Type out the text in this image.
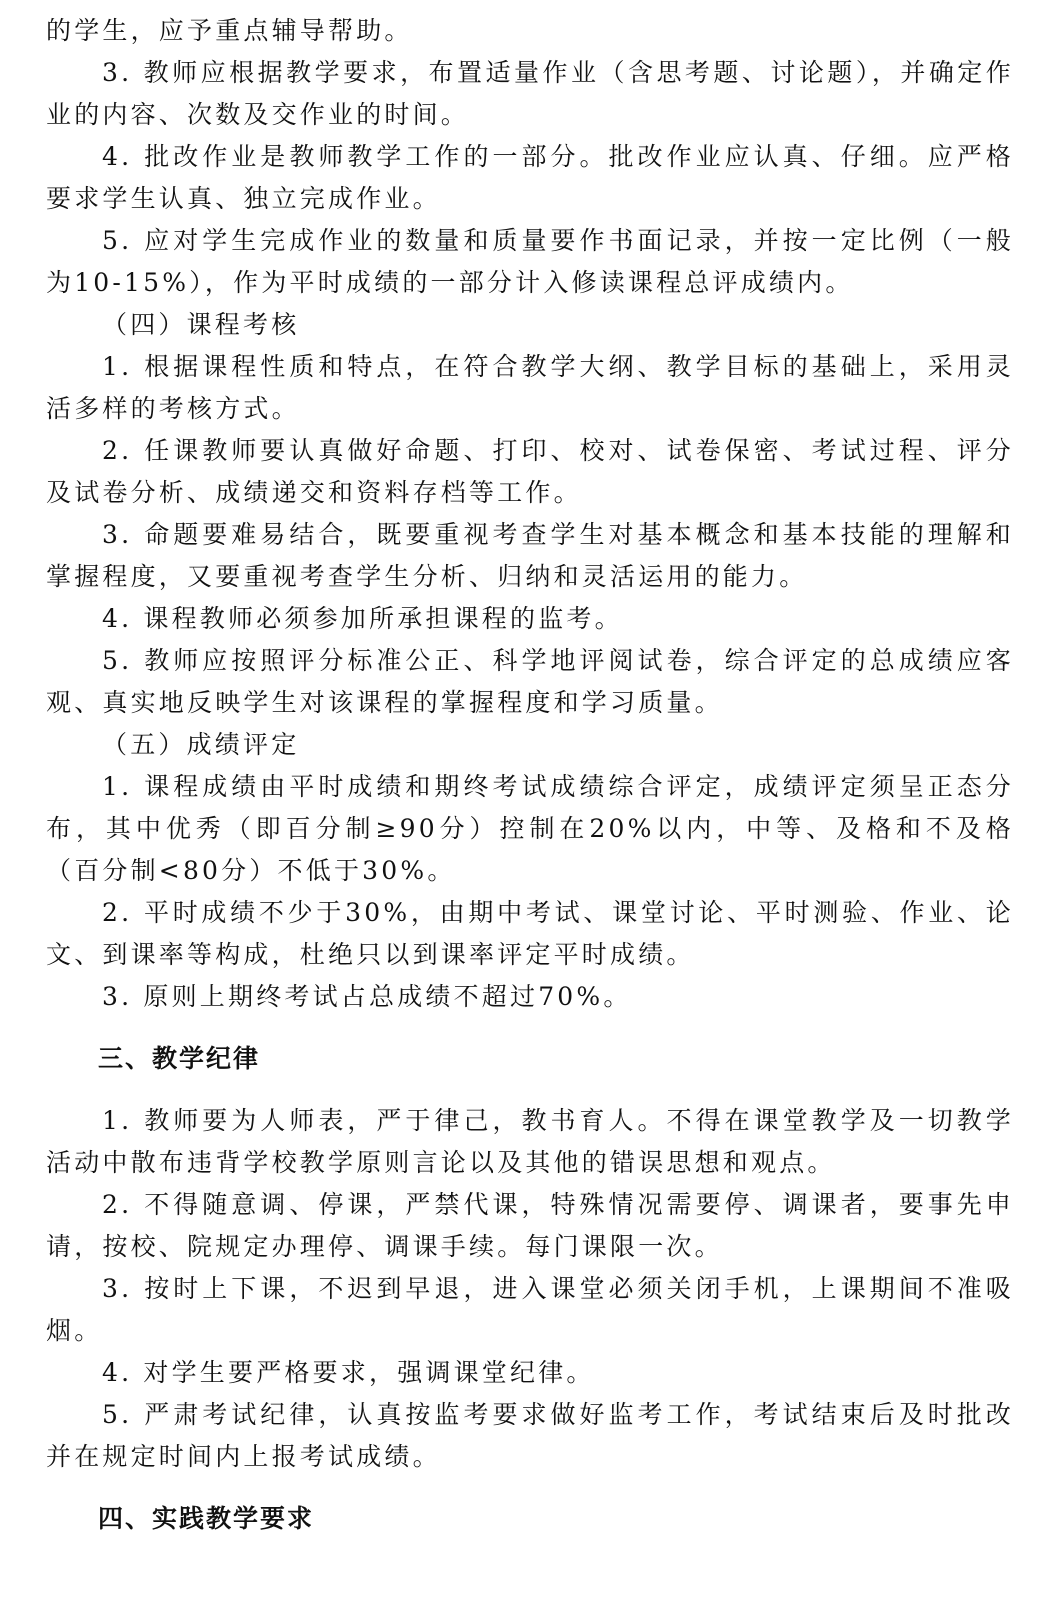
的学生，应予重点辅导帮助。

3. 教师应根据教学要求，布置适量作业（含思考题、讨论题），并确定作业的内容、次数及交作业的时间。

4. 批改作业是教师教学工作的一部分。批改作业应认真、仔细。应严格要求学生认真、独立完成作业。

5. 应对学生完成作业的数量和质量要作书面记录，并按一定比例（一般为10-15%），作为平时成绩的一部分计入修读课程总评成绩内。

（四）课程考核

1. 根据课程性质和特点，在符合教学大纲、教学目标的基础上，采用灵活多样的考核方式。

2. 任课教师要认真做好命题、打印、校对、试卷保密、考试过程、评分及试卷分析、成绩递交和资料存档等工作。

3. 命题要难易结合，既要重视考查学生对基本概念和基本技能的理解和掌握程度，又要重视考查学生分析、归纳和灵活运用的能力。

4. 课程教师必须参加所承担课程的监考。

5. 教师应按照评分标准公正、科学地评阅试卷，综合评定的总成绩应客观、真实地反映学生对该课程的掌握程度和学习质量。

（五）成绩评定

1. 课程成绩由平时成绩和期终考试成绩综合评定，成绩评定须呈正态分布，其中优秀（即百分制≥90分）控制在20%以内，中等、及格和不及格（百分制<80分）不低于30%。

2. 平时成绩不少于30%，由期中考试、课堂讨论、平时测验、作业、论文、到课率等构成，杜绝只以到课率评定平时成绩。

3. 原则上期终考试占总成绩不超过70%。

三、教学纪律

1. 教师要为人师表，严于律己，教书育人。不得在课堂教学及一切教学活动中散布违背学校教学原则言论以及其他的错误思想和观点。

2. 不得随意调、停课，严禁代课，特殊情况需要停、调课者，要事先申请，按校、院规定办理停、调课手续。每门课限一次。

3. 按时上下课，不迟到早退，进入课堂必须关闭手机，上课期间不准吸烟。

4. 对学生要严格要求，强调课堂纪律。

5. 严肃考试纪律，认真按监考要求做好监考工作，考试结束后及时批改并在规定时间内上报考试成绩。

四、实践教学要求
